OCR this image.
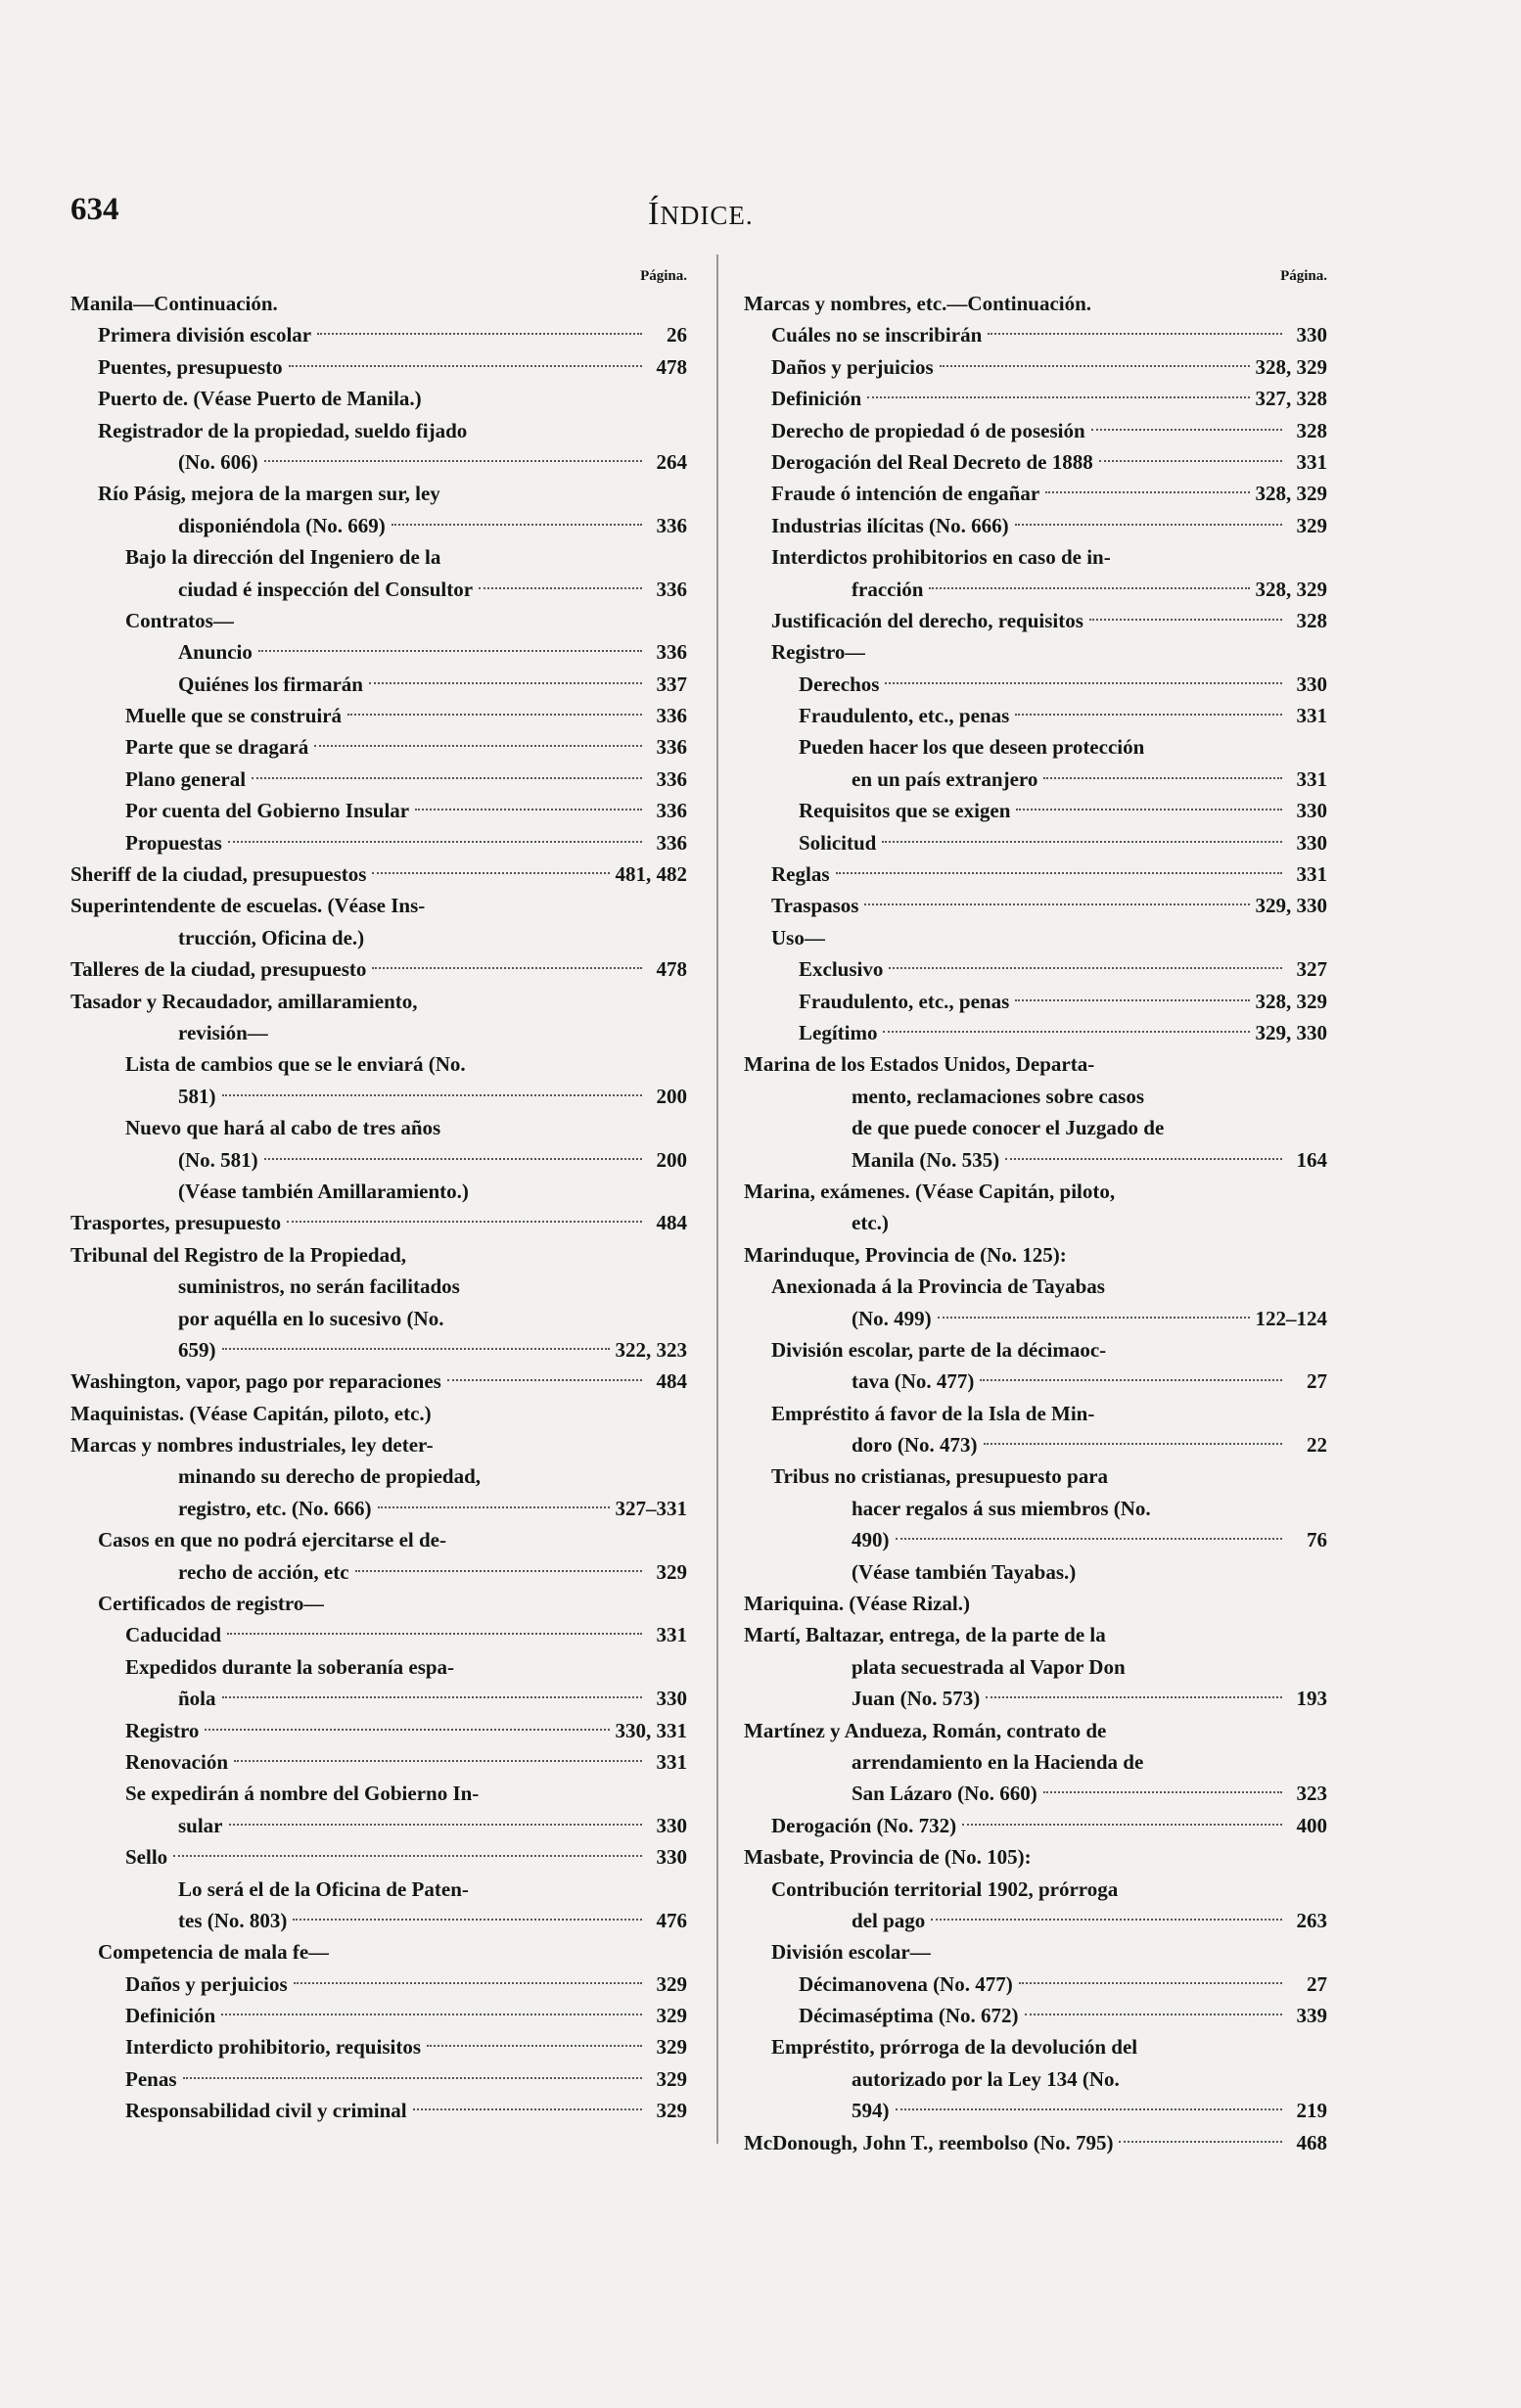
634	ÍNDICE.
Página.
Manila—Continuación.
Primera división escolar	26
Puentes, presupuesto	478
Puerto de. (Véase Puerto de Manila.)
Registrador de la propiedad, sueldo fijado
(No. 606)	264
Río Pásig, mejora de la margen sur, ley
disponiéndola (No. 669)	336
Bajo la dirección del Ingeniero de la
ciudad é inspección del Consultor	336
Contratos—
Anuncio	336
Quiénes los firmarán	337
Muelle que se construirá	336
Parte que se dragará	336
Plano general	336
Por cuenta del Gobierno Insular	336
Propuestas	336
Sheriff de la ciudad, presupuestos	481, 482
Superintendente de escuelas. (Véase Ins-
trucción, Oficina de.)
Talleres de la ciudad, presupuesto	478
Tasador y Recaudador, amillaramiento,
revisión—
Lista de cambios que se le enviará (No.
581)	200
Nuevo que hará al cabo de tres años
(No. 581)	200
(Véase también Amillaramiento.)
Trasportes, presupuesto	484
Tribunal del Registro de la Propiedad,
suministros, no serán facilitados
por aquélla en lo sucesivo (No.
659)	322, 323
Washington, vapor, pago por reparaciones	484
Maquinistas. (Véase Capitán, piloto, etc.)
Marcas y nombres industriales, ley deter-
minando su derecho de propiedad,
registro, etc. (No. 666)	327–331
Casos en que no podrá ejercitarse el de-
recho de acción, etc	329
Certificados de registro—
Caducidad	331
Expedidos durante la soberanía espa-
ñola	330
Registro	330, 331
Renovación	331
Se expedirán á nombre del Gobierno In-
sular	330
Sello	330
Lo será el de la Oficina de Paten-
tes (No. 803)	476
Competencia de mala fe—
Daños y perjuicios	329
Definición	329
Interdicto prohibitorio, requisitos	329
Penas	329
Responsabilidad civil y criminal	329
Página.
Marcas y nombres, etc.—Continuación.
Cuáles no se inscribirán	330
Daños y perjuicios	328, 329
Definición	327, 328
Derecho de propiedad ó de posesión	328
Derogación del Real Decreto de 1888	331
Fraude ó intención de engañar	328, 329
Industrias ilícitas (No. 666)	329
Interdictos prohibitorios en caso de in-
fracción	328, 329
Justificación del derecho, requisitos	328
Registro—
Derechos	330
Fraudulento, etc., penas	331
Pueden hacer los que deseen protección
en un país extranjero	331
Requisitos que se exigen	330
Solicitud	330
Reglas	331
Traspasos	329, 330
Uso—
Exclusivo	327
Fraudulento, etc., penas	328, 329
Legítimo	329, 330
Marina de los Estados Unidos, Departa-
mento, reclamaciones sobre casos
de que puede conocer el Juzgado de
Manila (No. 535)	164
Marina, exámenes. (Véase Capitán, piloto,
etc.)
Marinduque, Provincia de (No. 125):
Anexionada á la Provincia de Tayabas
(No. 499)	122–124
División escolar, parte de la décimaoc-
tava (No. 477)	27
Empréstito á favor de la Isla de Min-
doro (No. 473)	22
Tribus no cristianas, presupuesto para
hacer regalos á sus miembros (No.
490)	76
(Véase también Tayabas.)
Mariquina. (Véase Rizal.)
Martí, Baltazar, entrega, de la parte de la
plata secuestrada al Vapor Don
Juan (No. 573)	193
Martínez y Andueza, Román, contrato de
arrendamiento en la Hacienda de
San Lázaro (No. 660)	323
Derogación (No. 732)	400
Masbate, Provincia de (No. 105):
Contribución territorial 1902, prórroga
del pago	263
División escolar—
Décimanovena (No. 477)	27
Décimaséptima (No. 672)	339
Empréstito, prórroga de la devolución del
autorizado por la Ley 134 (No.
594)	219
McDonough, John T., reembolso (No. 795)	468
